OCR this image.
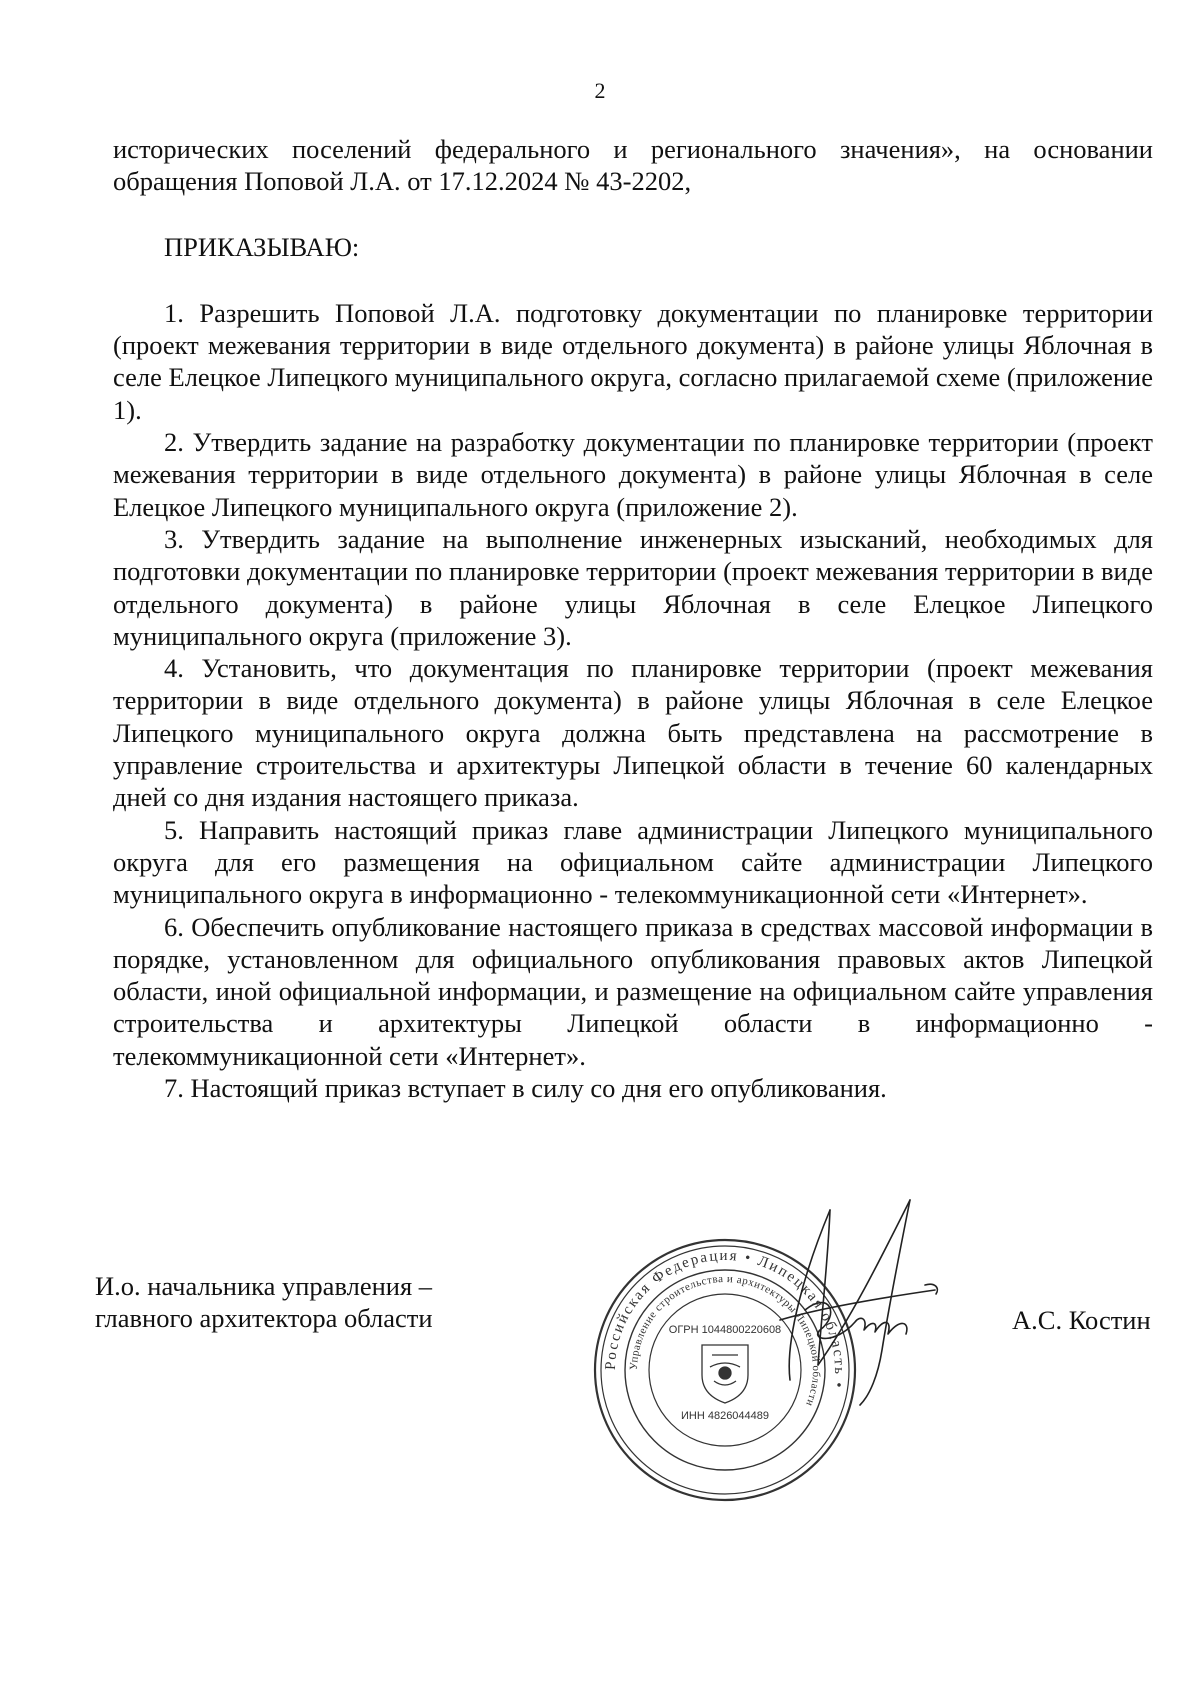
2

исторических поселений федерального и регионального значения», на основании обращения Поповой Л.А. от 17.12.2024 № 43-2202,

ПРИКАЗЫВАЮ:

1. Разрешить Поповой Л.А. подготовку документации по планировке территории (проект межевания территории в виде отдельного документа) в районе улицы Яблочная в селе Елецкое Липецкого муниципального округа, согласно прилагаемой схеме (приложение 1).

2. Утвердить задание на разработку документации по планировке территории (проект межевания территории в виде отдельного документа) в районе улицы Яблочная в селе Елецкое Липецкого муниципального округа (приложение 2).

3. Утвердить задание на выполнение инженерных изысканий, необходимых для подготовки документации по планировке территории (проект межевания территории в виде отдельного документа) в районе улицы Яблочная в селе Елецкое Липецкого муниципального округа (приложение 3).

4. Установить, что документация по планировке территории (проект межевания территории в виде отдельного документа) в районе улицы Яблочная в селе Елецкое Липецкого муниципального округа должна быть представлена на рассмотрение в управление строительства и архитектуры Липецкой области в течение 60 календарных дней со дня издания настоящего приказа.

5. Направить настоящий приказ главе администрации Липецкого муниципального округа для его размещения на официальном сайте администрации Липецкого муниципального округа в информационно - телекоммуникационной сети «Интернет».

6. Обеспечить опубликование настоящего приказа в средствах массовой информации в порядке, установленном для официального опубликования правовых актов Липецкой области, иной официальной информации, и размещение на официальном сайте управления строительства и архитектуры Липецкой области в информационно - телекоммуникационной сети «Интернет».

7. Настоящий приказ вступает в силу со дня его опубликования.

И.о. начальника управления –
главного архитектора области
Российская Федерация • Липецкая область •
Управление строительства и архитектуры Липецкой области
ОГРН 1044800220608
ИНН 4826044489
А.С. Костин
